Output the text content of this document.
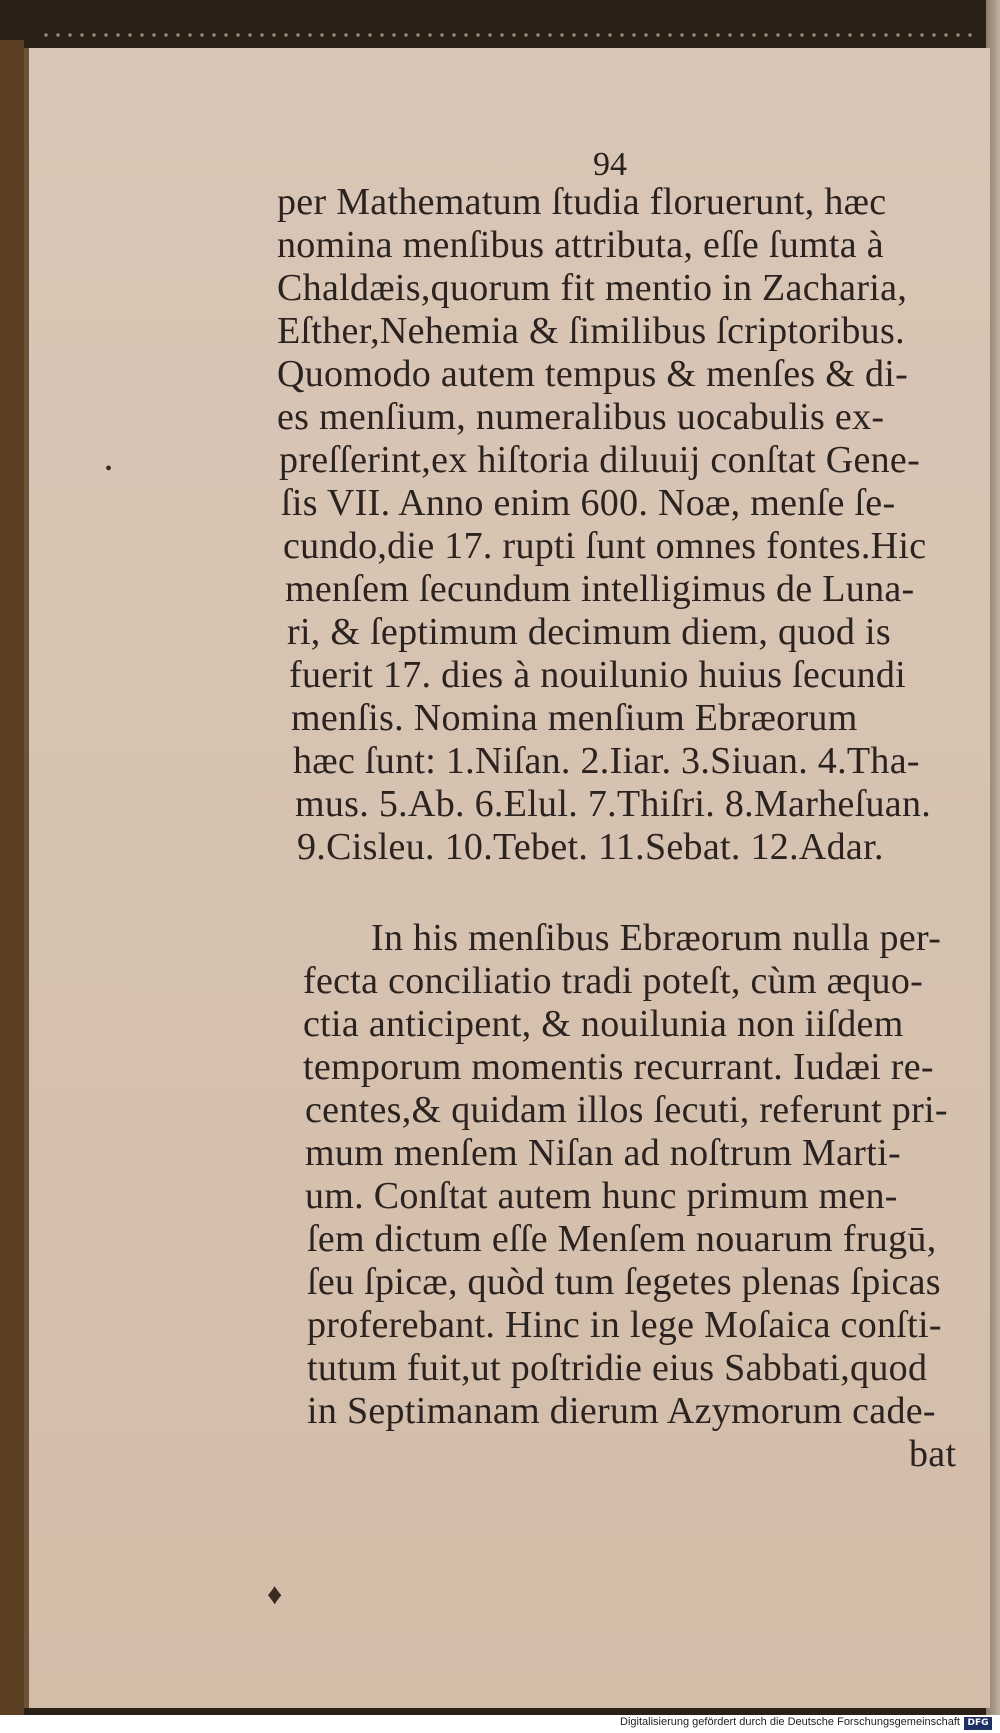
94
per Mathematum ſtudia floruerunt, hæc
nomina menſibus attributa, eſſe ſumta à
Chaldæis,quorum fit mentio in Zacharia,
Eſther,Nehemia & ſimilibus ſcriptoribus.
Quomodo autem tempus & menſes & di-
es menſium, numeralibus uocabulis ex-
preſſerint,ex hiſtoria diluuij conſtat Gene-
ſis VII. Anno enim 600. Noæ, menſe ſe-
cundo,die 17. rupti ſunt omnes fontes.Hic
menſem ſecundum intelligimus de Luna-
ri, & ſeptimum decimum diem, quod is
fuerit 17. dies à nouilunio huius ſecundi
menſis. Nomina menſium Ebræorum
hæc ſunt: 1.Niſan. 2.Iiar. 3.Siuan. 4.Tha-
mus. 5.Ab. 6.Elul. 7.Thiſri. 8.Marheſuan.
9.Cisleu. 10.Tebet. 11.Sebat. 12.Adar.
In his menſibus Ebræorum nulla per-
fecta conciliatio tradi poteſt, cùm æquo-
ctia anticipent, & nouilunia non iiſdem
temporum momentis recurrant. Iudæi re-
centes,& quidam illos ſecuti, referunt pri-
mum menſem Niſan ad noſtrum Marti-
um. Conſtat autem hunc primum men-
ſem dictum eſſe Menſem nouarum frugū,
ſeu ſpicæ, quòd tum ſegetes plenas ſpicas
proferebant. Hinc in lege Moſaica conſti-
tutum fuit,ut poſtridie eius Sabbati,quod
in Septimanam dierum Azymorum cade-
bat
•
♦
Digitalisierung gefördert durch die Deutsche Forschungsgemeinschaft DFG
